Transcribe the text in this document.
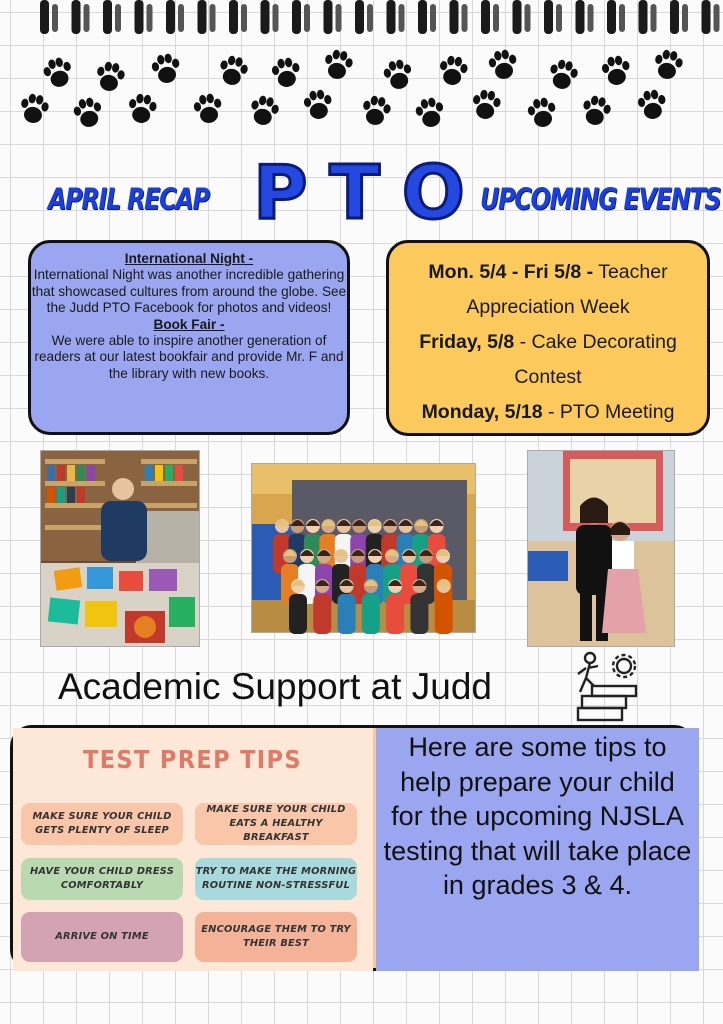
APRIL RECAP PTO
UPCOMING EVENTS
International Night -
International Night was another incredible gathering that showcased cultures from around the globe. See the Judd PTO Facebook for photos and videos!
Book Fair -
We were able to inspire another generation of readers at our latest bookfair and provide Mr. F and the library with new books.
Mon. 5/4 - Fri 5/8 - Teacher Appreciation Week
Friday, 5/8 - Cake Decorating Contest
Monday, 5/18 - PTO Meeting
Academic Support at Judd
TEST PREP TIPS
MAKE SURE YOUR CHILD GETS PLENTY OF SLEEP
MAKE SURE YOUR CHILD EATS A HEALTHY BREAKFAST
HAVE YOUR CHILD DRESS COMFORTABLY
TRY TO MAKE THE MORNING ROUTINE NON-STRESSFUL
ARRIVE ON TIME
ENCOURAGE THEM TO TRY THEIR BEST
Here are some tips to help prepare your child for the upcoming NJSLA testing that will take place in grades 3 & 4.
